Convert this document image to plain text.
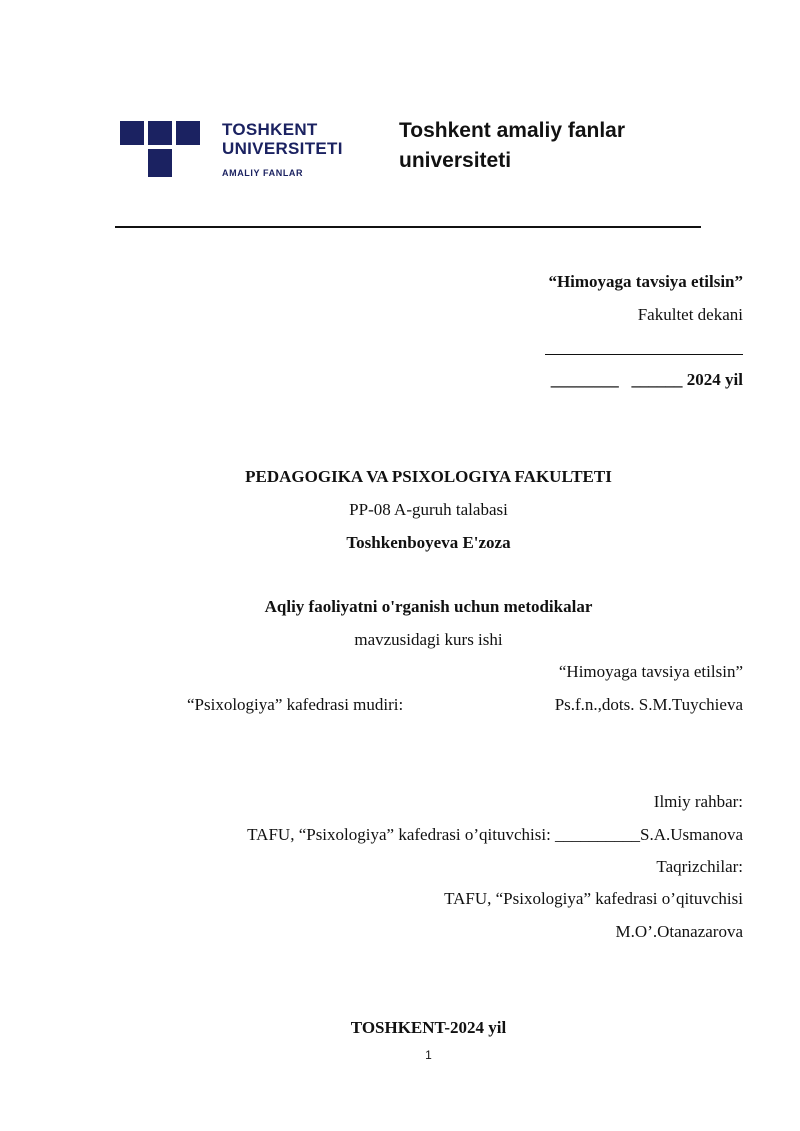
TOSHKENT
UNIVERSITETI
AMALIY FANLAR
Toshkent amaliy fanlar universiteti
“Himoyaga tavsiya etilsin”
Fakultet dekani
________ ______ 2024 yil
PEDAGOGIKA VA PSIXOLOGIYA FAKULTETI
PP-08 A-guruh talabasi
Toshkenboyeva E'zoza
Aqliy faoliyatni o'rganish uchun metodikalar
mavzusidagi kurs ishi
“Himoyaga tavsiya etilsin”
“Psixologiya” kafedrasi mudiri:	Ps.f.n.,dots. S.M.Tuychieva
Ilmiy rahbar:
TAFU, “Psixologiya” kafedrasi o’qituvchisi: __________S.A.Usmanova
Taqrizchilar:
TAFU, “Psixologiya” kafedrasi o’qituvchisi
M.O’.Otanazarova
TOSHKENT-2024 yil
1
